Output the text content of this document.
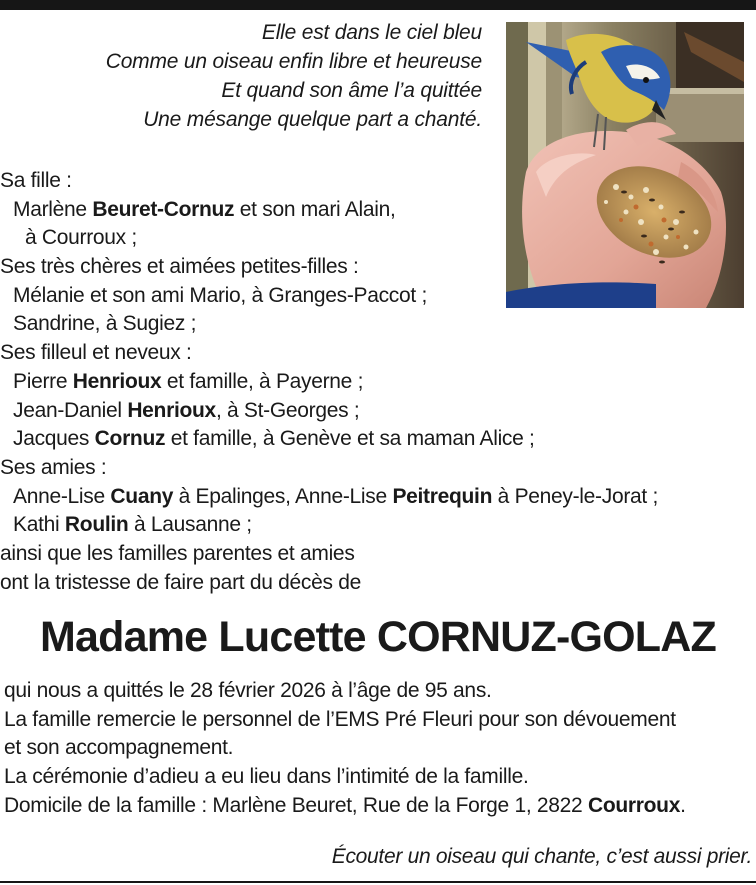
Elle est dans le ciel bleu
Comme un oiseau enfin libre et heureuse
Et quand son âme l’a quittée
Une mésange quelque part a chanté.
Sa fille :
Marlène Beuret-Cornuz et son mari Alain,
à Courroux ;
Ses très chères et aimées petites-filles :
Mélanie et son ami Mario, à Granges-Paccot ;
Sandrine, à Sugiez ;
Ses filleul et neveux :
Pierre Henrioux et famille, à Payerne ;
Jean-Daniel Henrioux, à St-Georges ;
Jacques Cornuz et famille, à Genève et sa maman Alice ;
Ses amies :
Anne-Lise Cuany à Epalinges, Anne-Lise Peitrequin à Peney-le-Jorat ;
Kathi Roulin à Lausanne ;
ainsi que les familles parentes et amies
ont la tristesse de faire part du décès de
Madame Lucette CORNUZ-GOLAZ
qui nous a quittés le 28 février 2026 à l’âge de 95 ans.
La famille remercie le personnel de l’EMS Pré Fleuri pour son dévouement
et son accompagnement.
La cérémonie d’adieu a eu lieu dans l’intimité de la famille.
Domicile de la famille : Marlène Beuret, Rue de la Forge 1, 2822 Courroux.
Écouter un oiseau qui chante, c’est aussi prier.
